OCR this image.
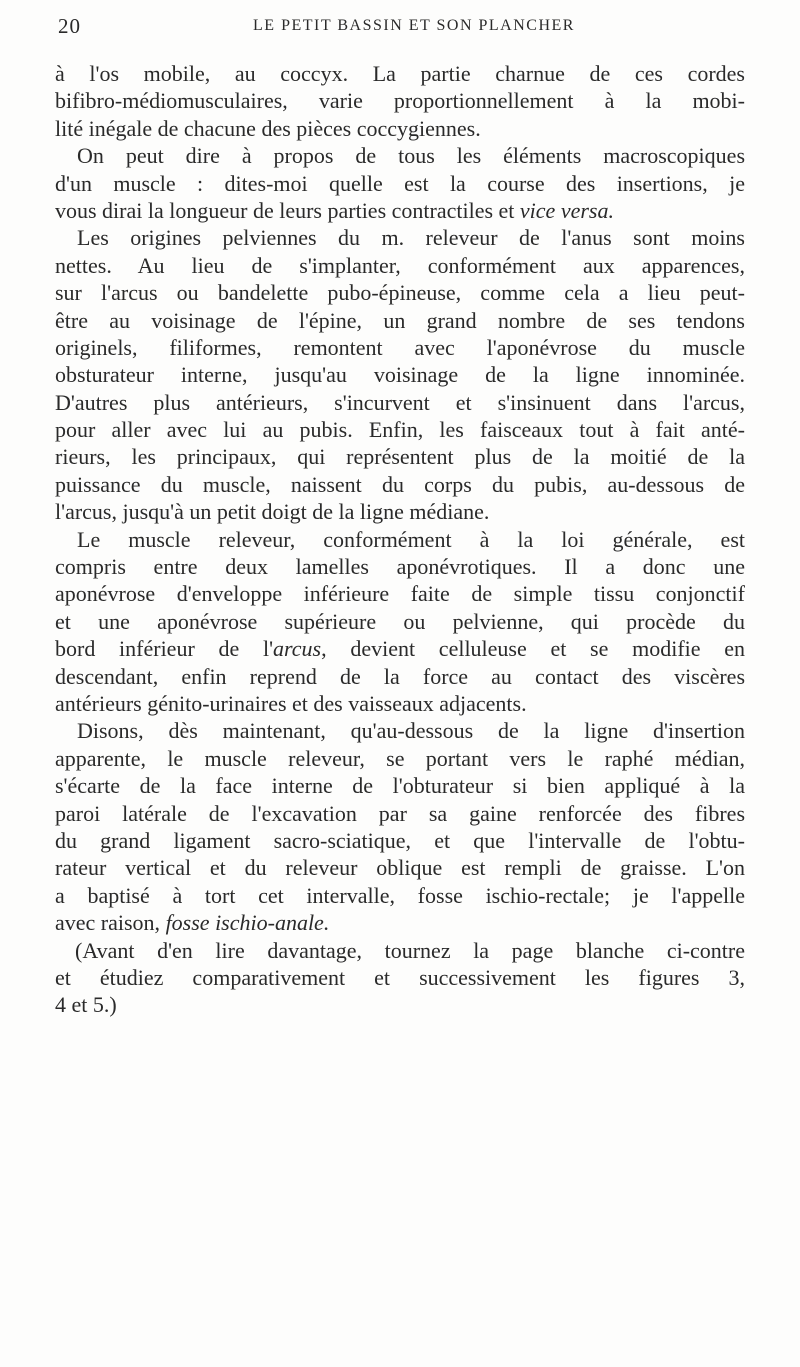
20	LE PETIT BASSIN ET SON PLANCHER
à l'os mobile, au coccyx. La partie charnue de ces cordes
bifibro-médiomusculaires, varie proportionnellement à la mobi-
lité inégale de chacune des pièces coccygiennes.
On peut dire à propos de tous les éléments macroscopiques
d'un muscle : dites-moi quelle est la course des insertions, je
vous dirai la longueur de leurs parties contractiles et vice versa.
Les origines pelviennes du m. releveur de l'anus sont moins
nettes. Au lieu de s'implanter, conformément aux apparences,
sur l'arcus ou bandelette pubo-épineuse, comme cela a lieu peut-
être au voisinage de l'épine, un grand nombre de ses tendons
originels, filiformes, remontent avec l'aponévrose du muscle
obsturateur interne, jusqu'au voisinage de la ligne innominée.
D'autres plus antérieurs, s'incurvent et s'insinuent dans l'arcus,
pour aller avec lui au pubis. Enfin, les faisceaux tout à fait anté-
rieurs, les principaux, qui représentent plus de la moitié de la
puissance du muscle, naissent du corps du pubis, au-dessous de
l'arcus, jusqu'à un petit doigt de la ligne médiane.
Le muscle releveur, conformément à la loi générale, est
compris entre deux lamelles aponévrotiques. Il a donc une
aponévrose d'enveloppe inférieure faite de simple tissu conjonctif
et une aponévrose supérieure ou pelvienne, qui procède du
bord inférieur de l'arcus, devient celluleuse et se modifie en
descendant, enfin reprend de la force au contact des viscères
antérieurs génito-urinaires et des vaisseaux adjacents.
Disons, dès maintenant, qu'au-dessous de la ligne d'insertion
apparente, le muscle releveur, se portant vers le raphé médian,
s'écarte de la face interne de l'obturateur si bien appliqué à la
paroi latérale de l'excavation par sa gaine renforcée des fibres
du grand ligament sacro-sciatique, et que l'intervalle de l'obtu-
rateur vertical et du releveur oblique est rempli de graisse. L'on
a baptisé à tort cet intervalle, fosse ischio-rectale; je l'appelle
avec raison, fosse ischio-anale.
(Avant d'en lire davantage, tournez la page blanche ci-contre
et étudiez comparativement et successivement les figures 3,
4 et 5.)
